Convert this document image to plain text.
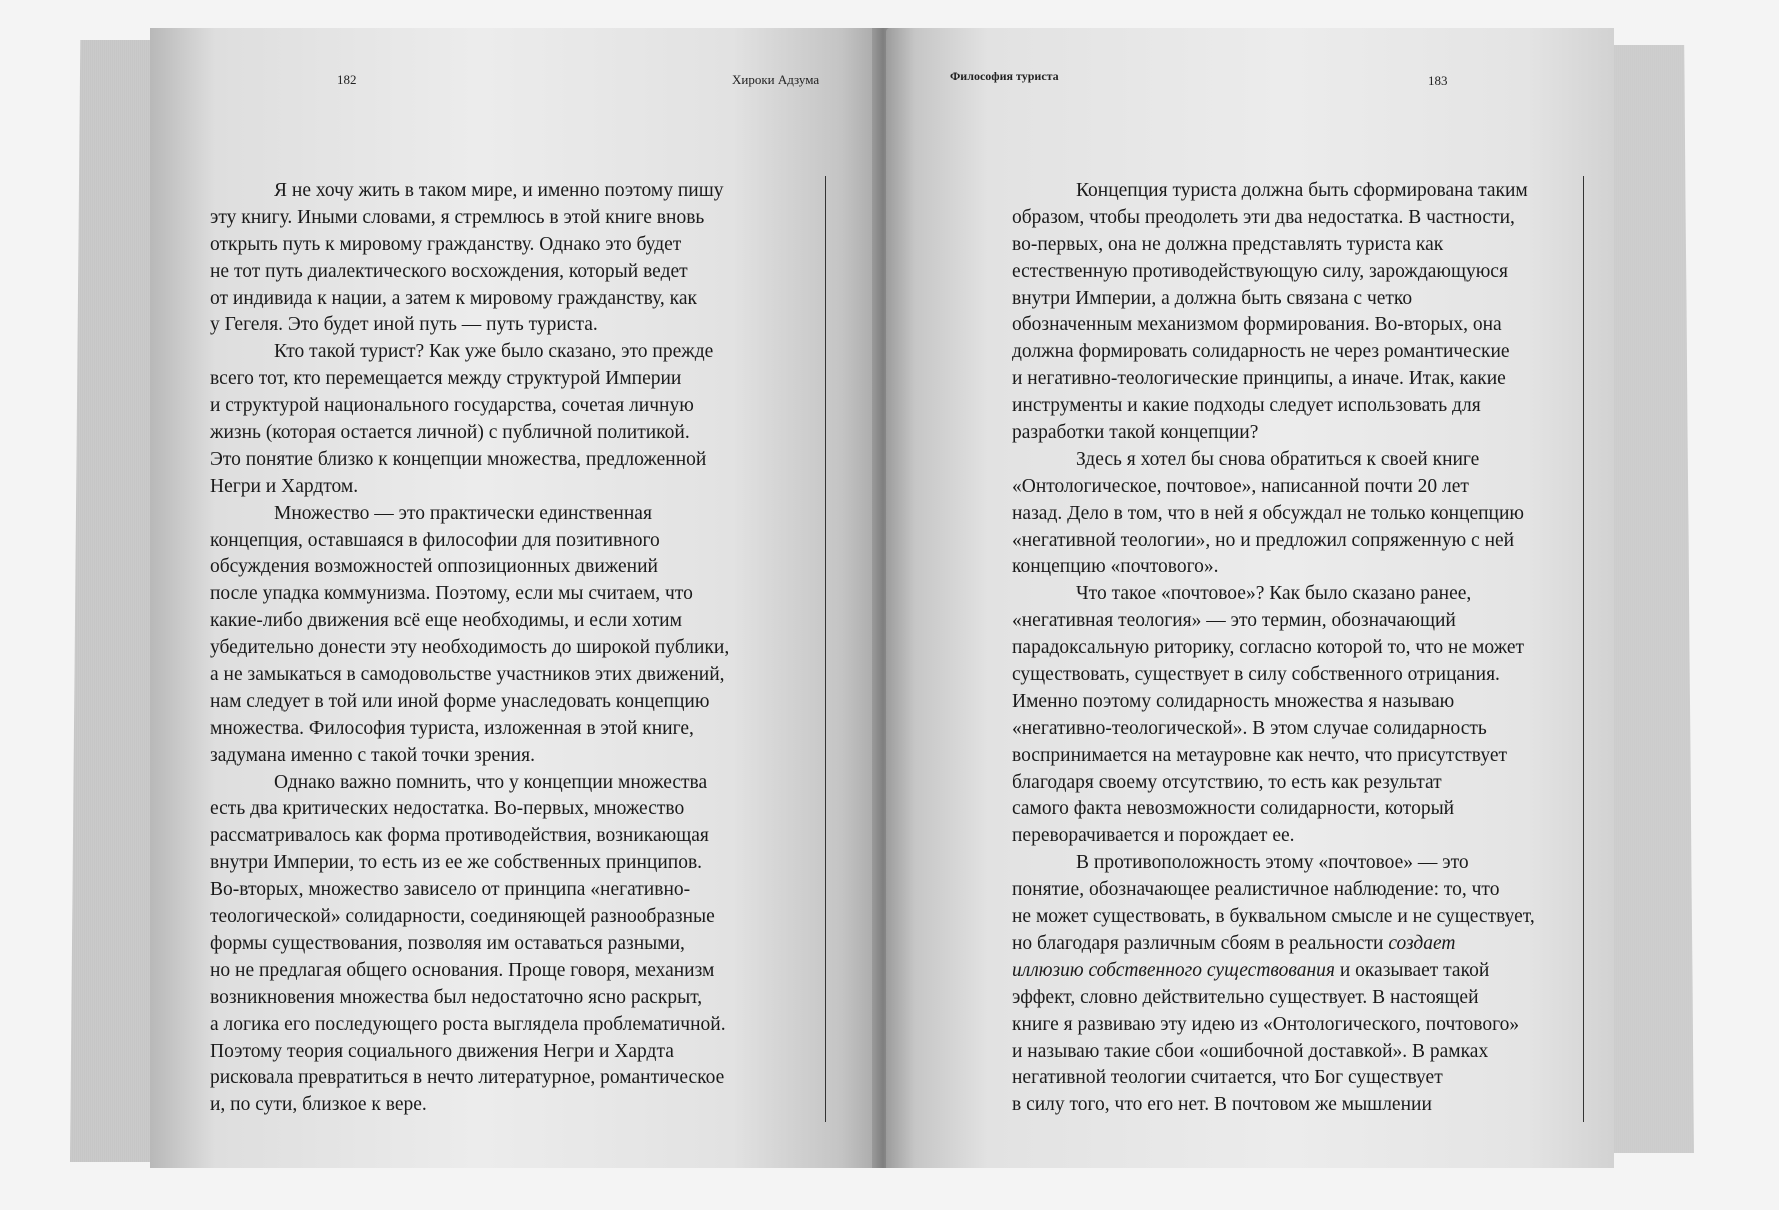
182	Хироки Адзума
Я не хочу жить в таком мире, и именно поэтому пишу
эту книгу. Иными словами, я стремлюсь в этой книге вновь
открыть путь к мировому гражданству. Однако это будет
не тот путь диалектического восхождения, который ведет
от индивида к нации, а затем к мировому гражданству, как
у Гегеля. Это будет иной путь — путь туриста.
Кто такой турист? Как уже было сказано, это прежде
всего тот, кто перемещается между структурой Империи
и структурой национального государства, сочетая личную
жизнь (которая остается личной) с публичной политикой.
Это понятие близко к концепции множества, предложенной
Негри и Хардтом.
Множество — это практически единственная
концепция, оставшаяся в философии для позитивного
обсуждения возможностей оппозиционных движений
после упадка коммунизма. Поэтому, если мы считаем, что
какие-либо движения всё еще необходимы, и если хотим
убедительно донести эту необходимость до широкой публики,
а не замыкаться в самодовольстве участников этих движений,
нам следует в той или иной форме унаследовать концепцию
множества. Философия туриста, изложенная в этой книге,
задумана именно с такой точки зрения.
Однако важно помнить, что у концепции множества
есть два критических недостатка. Во-первых, множество
рассматривалось как форма противодействия, возникающая
внутри Империи, то есть из ее же собственных принципов.
Во-вторых, множество зависело от принципа «негативно-
теологической» солидарности, соединяющей разнообразные
формы существования, позволяя им оставаться разными,
но не предлагая общего основания. Проще говоря, механизм
возникновения множества был недостаточно ясно раскрыт,
а логика его последующего роста выглядела проблематичной.
Поэтому теория социального движения Негри и Хардта
рисковала превратиться в нечто литературное, романтическое
и, по сути, близкое к вере.
Философия туриста	183
Концепция туриста должна быть сформирована таким
образом, чтобы преодолеть эти два недостатка. В частности,
во-первых, она не должна представлять туриста как
естественную противодействующую силу, зарождающуюся
внутри Империи, а должна быть связана с четко
обозначенным механизмом формирования. Во-вторых, она
должна формировать солидарность не через романтические
и негативно-теологические принципы, а иначе. Итак, какие
инструменты и какие подходы следует использовать для
разработки такой концепции?
Здесь я хотел бы снова обратиться к своей книге
«Онтологическое, почтовое», написанной почти 20 лет
назад. Дело в том, что в ней я обсуждал не только концепцию
«негативной теологии», но и предложил сопряженную с ней
концепцию «почтового».
Что такое «почтовое»? Как было сказано ранее,
«негативная теология» — это термин, обозначающий
парадоксальную риторику, согласно которой то, что не может
существовать, существует в силу собственного отрицания.
Именно поэтому солидарность множества я называю
«негативно-теологической». В этом случае солидарность
воспринимается на метауровне как нечто, что присутствует
благодаря своему отсутствию, то есть как результат
самого факта невозможности солидарности, который
переворачивается и порождает ее.
В противоположность этому «почтовое» — это
понятие, обозначающее реалистичное наблюдение: то, что
не может существовать, в буквальном смысле и не существует,
но благодаря различным сбоям в реальности создает
иллюзию собственного существования и оказывает такой
эффект, словно действительно существует. В настоящей
книге я развиваю эту идею из «Онтологического, почтового»
и называю такие сбои «ошибочной доставкой». В рамках
негативной теологии считается, что Бог существует
в силу того, что его нет. В почтовом же мышлении
